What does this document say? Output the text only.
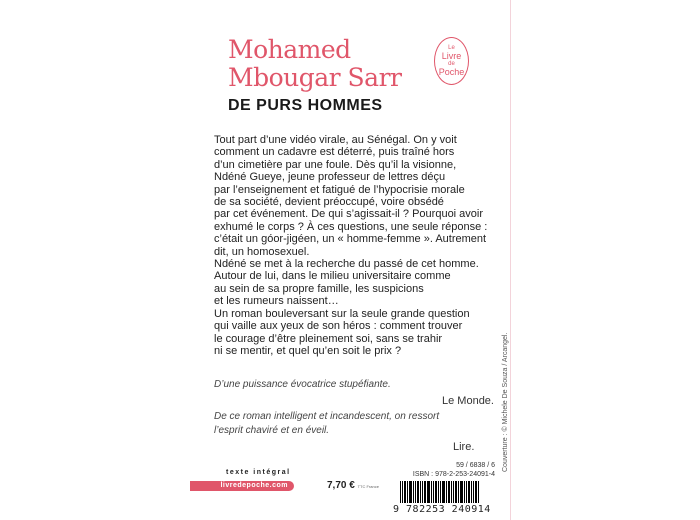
Mohamed
Mbougar Sarr
DE PURS HOMMES
Le
Livre
de
Poche
Tout part d’une vidéo virale, au Sénégal. On y voit
comment un cadavre est déterré, puis traîné hors
d’un cimetière par une foule. Dès qu’il la visionne,
Ndéné Gueye, jeune professeur de lettres déçu
par l’enseignement et fatigué de l’hypocrisie morale
de sa société, devient préoccupé, voire obsédé
par cet événement. De qui s’agissait-il ? Pourquoi avoir
exhumé le corps ? À ces questions, une seule réponse :
c’était un góor-jigéen, un « homme-femme ». Autrement
dit, un homosexuel.
Ndéné se met à la recherche du passé de cet homme.
Autour de lui, dans le milieu universitaire comme
au sein de sa propre famille, les suspicions
et les rumeurs naissent…
Un roman bouleversant sur la seule grande question
qui vaille aux yeux de son héros : comment trouver
le courage d’être pleinement soi, sans se trahir
ni se mentir, et quel qu’en soit le prix ?
D’une puissance évocatrice stupéfiante.
Le Monde.
De ce roman intelligent et incandescent, on ressort l’esprit chaviré et en éveil.
Lire.	Couverture : © Michele De Souza / Arcangel.
texte intégral
livredepoche.com	7,70 € TTC France
59 / 6838 / 6
ISBN : 978-2-253-24091-4
9 782253 240914
